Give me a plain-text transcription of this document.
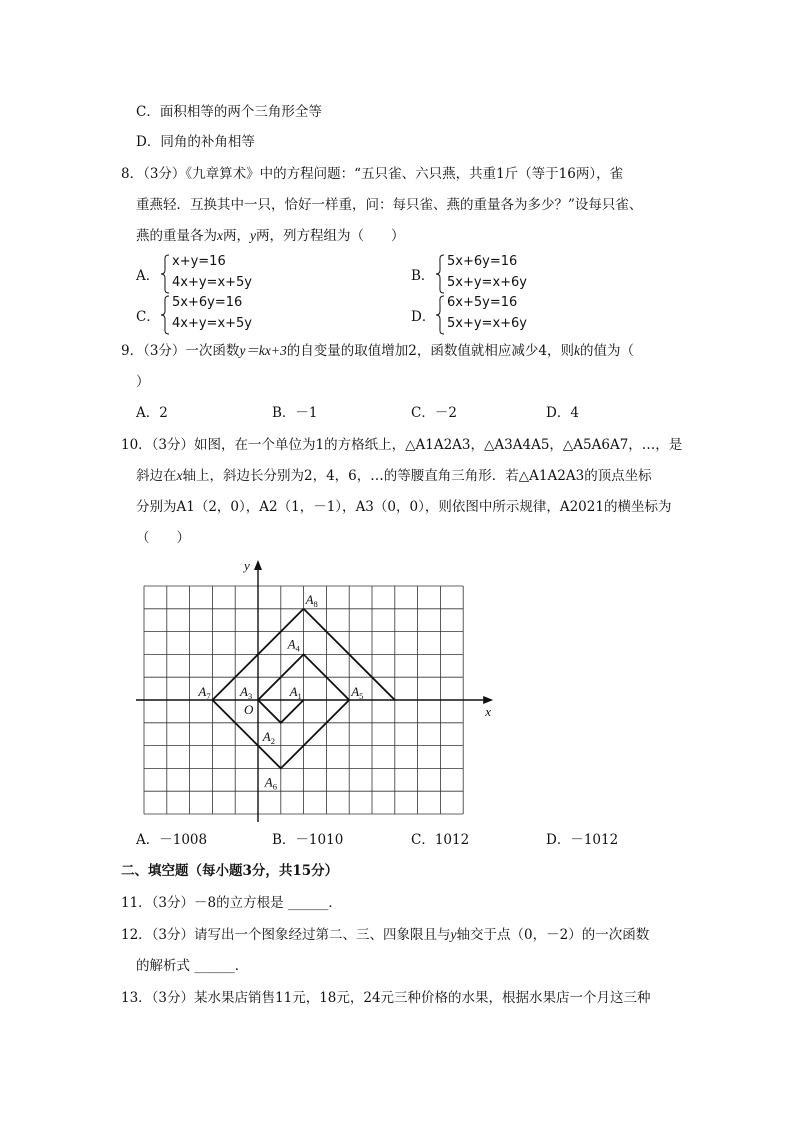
C．面积相等的两个三角形全等
D．同角的补角相等
8．（3分）《九章算术》中的方程问题：“五只雀、六只燕，共重1斤（等于16两），雀
重燕轻．互换其中一只，恰好一样重，问：每只雀、燕的重量各为多少？”设每只雀、
燕的重量各为x两，y两，列方程组为（　　）
A．
x+y=16
4x+y=x+5y	B．
5x+6y=16
5x+y=x+6y
C．
5x+6y=16
4x+y=x+5y	D．
6x+5y=16
5x+y=x+6y
9．（3分）一次函数y＝kx+3的自变量的取值增加2，函数值就相应减少4，则k的值为（
）
A．2	B．－1	C．－2	D．4
10．（3分）如图，在一个单位为1的方格纸上，△A1A2A3，△A3A4A5，△A5A6A7，…，是
斜边在x轴上，斜边长分别为2，4，6，…的等腰直角三角形．若△A1A2A3的顶点坐标
分别为A1（2，0），A2（1，－1），A3（0，0），则依图中所示规律，A2021的横坐标为
（　　）
x
y
O
$A_1$
$A_2$
$A_3$
$A_4$
$A_5$
$A_6$
$A_7$
$A_8$
A．－1008	B．－1010	C．1012	D．－1012
二、填空题（每小题3分，共15分）
11．（3分）－8的立方根是 ______．
12．（3分）请写出一个图象经过第二、三、四象限且与y轴交于点（0，－2）的一次函数
的解析式 ______．
13．（3分）某水果店销售11元，18元，24元三种价格的水果，根据水果店一个月这三种
